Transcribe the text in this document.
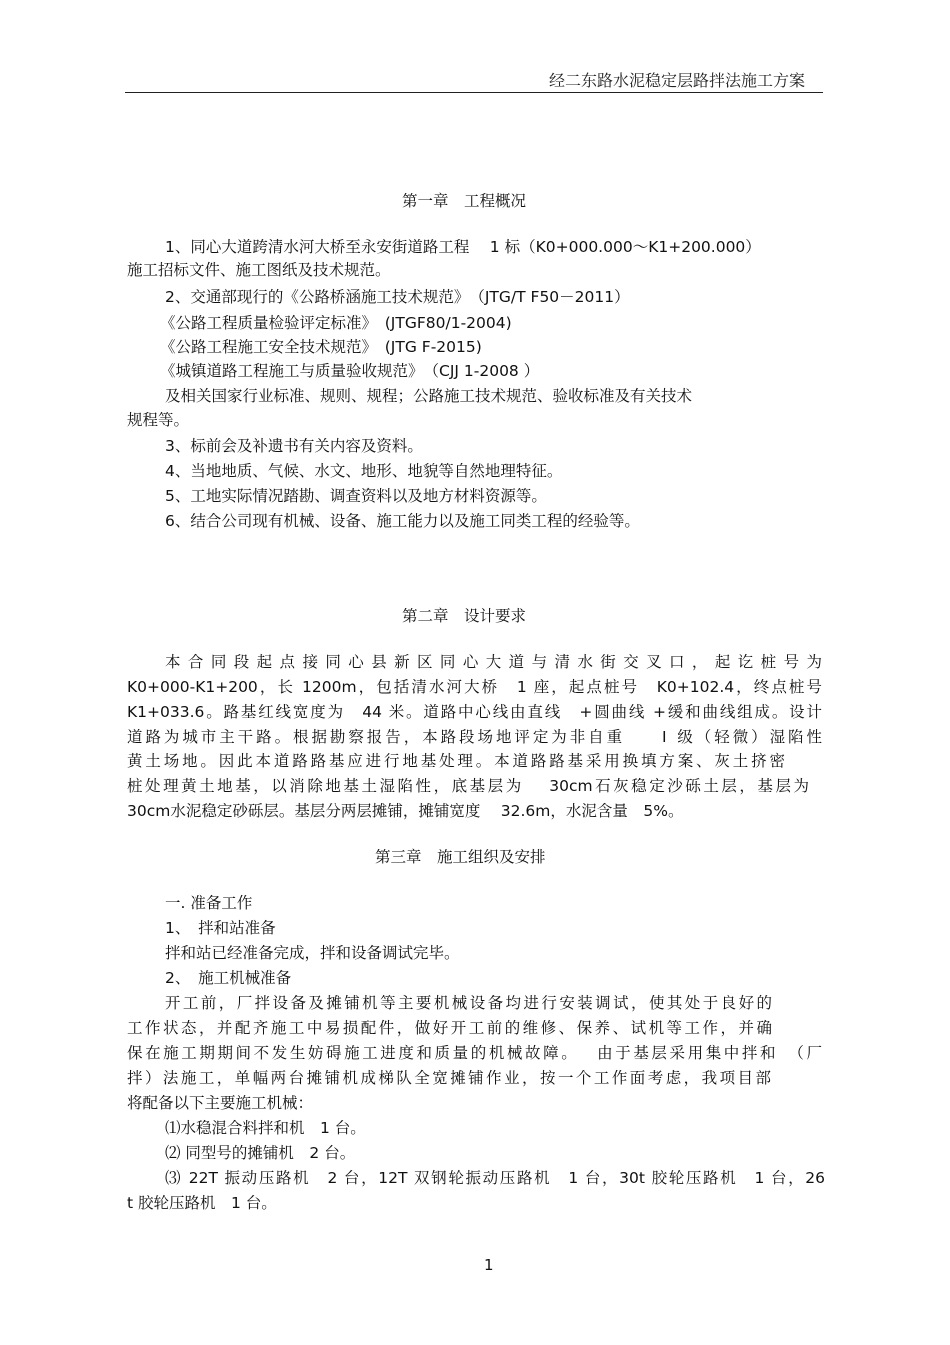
经二东路水泥稳定层路拌法施工方案
第一章　工程概况
1、同心大道跨清水河大桥至永安街道路工程　 1 标（K0+000.000～K1+200.000）
施工招标文件、施工图纸及技术规范。
2、交通部现行的《公路桥涵施工技术规范》　（JTG/T F50－2011）
《公路工程质量检验评定标准》　(JTGF80/1-2004)
《公路工程施工安全技术规范》　(JTG F-2015)
《城镇道路工程施工与质量验收规范》　（CJJ 1-2008 ）
及相关国家行业标准、规则、规程；公路施工技术规范、验收标准及有关技术
规程等。
3、标前会及补遗书有关内容及资料。
4、当地地质、气候、水文、地形、地貌等自然地理特征。
5、工地实际情况踏勘、调查资料以及地方材料资源等。
6、结合公司现有机械、设备、施工能力以及施工同类工程的经验等。
第二章　设计要求
本合同段起点接同心县新区同心大道与清水街交叉口，起讫桩号为
K0+000-K1+200，长 1200m，包括清水河大桥　1 座，起点桩号　K0+102.4，终点桩号
K1+033.6。路基红线宽度为　44 米。道路中心线由直线　+圆曲线 +缓和曲线组成。设计
道路为城市主干路。根据勘察报告，本路段场地评定为非自重　　Ⅰ 级（轻微）湿陷性
黄土场地。因此本道路路基应进行地基处理。本道路路基采用换填方案、灰土挤密
桩处理黄土地基，以消除地基土湿陷性，底基层为　 30cm石灰稳定沙砾土层，基层为
30cm水泥稳定砂砾层。基层分两层摊铺，摊铺宽度　 32.6m，水泥含量　5%。
第三章　施工组织及安排
一. 准备工作
1、　拌和站准备
拌和站已经准备完成，拌和设备调试完毕。
2、　施工机械准备
开工前，厂拌设备及摊铺机等主要机械设备均进行安装调试，使其处于良好的
工作状态，并配齐施工中易损配件，做好开工前的维修、保养、试机等工作，并确
保在施工期期间不发生妨碍施工进度和质量的机械故障。　 由于基层采用集中拌和　（厂
拌）法施工，单幅两台摊铺机成梯队全宽摊铺作业，按一个工作面考虑，我项目部
将配备以下主要施工机械：
⑴水稳混合料拌和机　1 台。
⑵ 同型号的摊铺机　2 台。
⑶ 22T 振动压路机　2 台，12T 双钢轮振动压路机　1 台，30t 胶轮压路机　1 台，26
t 胶轮压路机　1 台。
1
